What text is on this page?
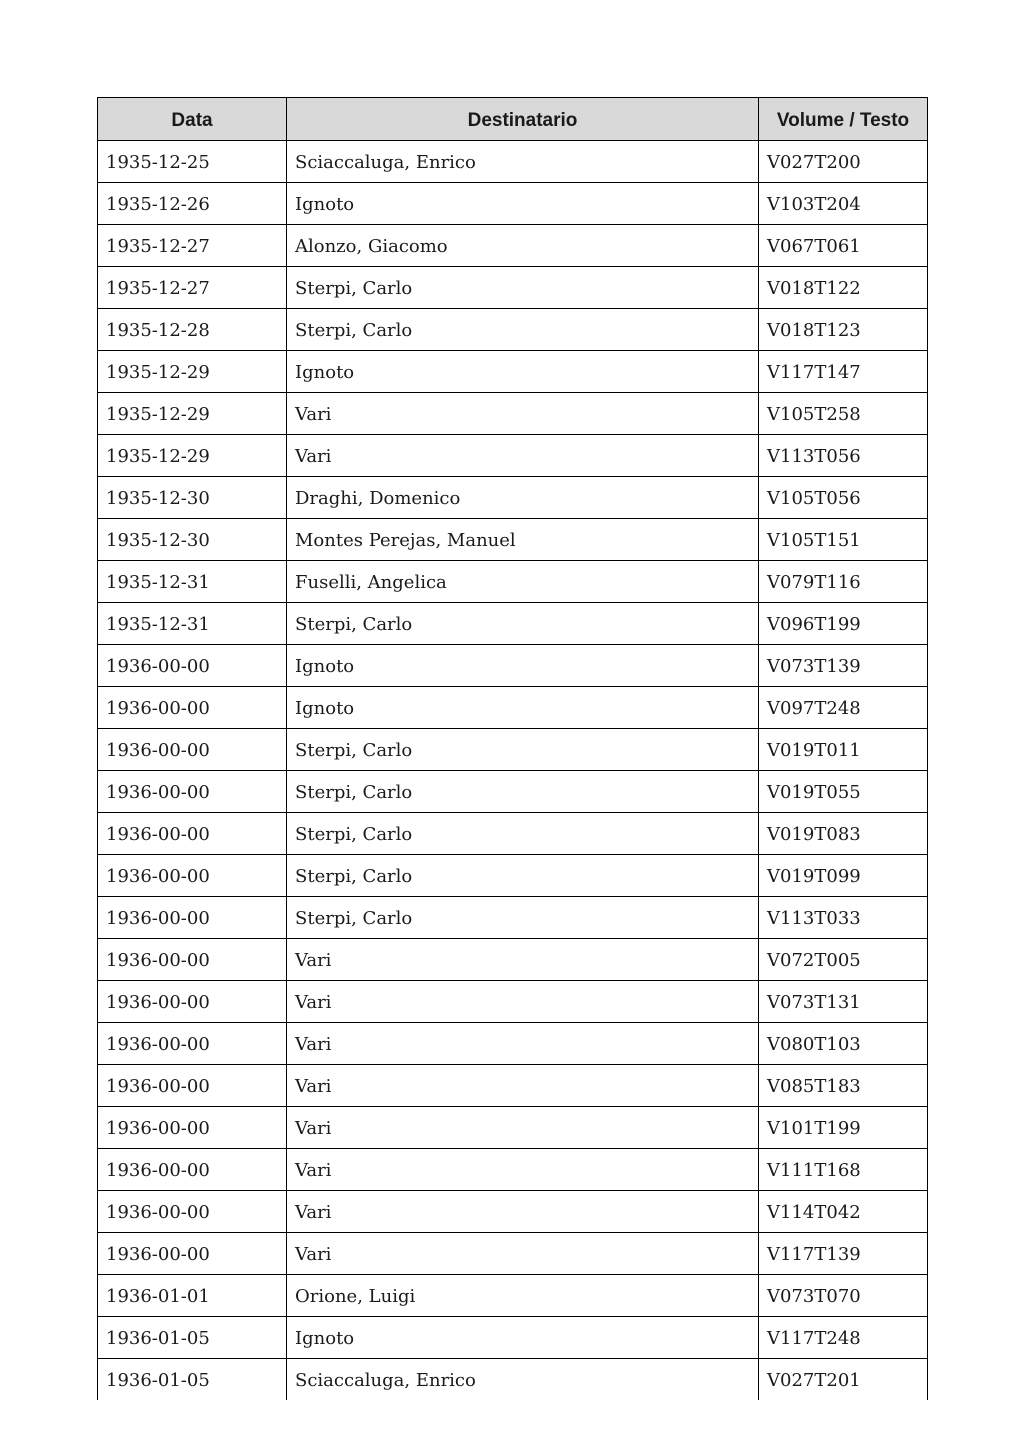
Data	Destinatario	Volume / Testo
1935-12-25	Sciaccaluga, Enrico	V027T200
1935-12-26	Ignoto	V103T204
1935-12-27	Alonzo, Giacomo	V067T061
1935-12-27	Sterpi, Carlo	V018T122
1935-12-28	Sterpi, Carlo	V018T123
1935-12-29	Ignoto	V117T147
1935-12-29	Vari	V105T258
1935-12-29	Vari	V113T056
1935-12-30	Draghi, Domenico	V105T056
1935-12-30	Montes Perejas, Manuel	V105T151
1935-12-31	Fuselli, Angelica	V079T116
1935-12-31	Sterpi, Carlo	V096T199
1936-00-00	Ignoto	V073T139
1936-00-00	Ignoto	V097T248
1936-00-00	Sterpi, Carlo	V019T011
1936-00-00	Sterpi, Carlo	V019T055
1936-00-00	Sterpi, Carlo	V019T083
1936-00-00	Sterpi, Carlo	V019T099
1936-00-00	Sterpi, Carlo	V113T033
1936-00-00	Vari	V072T005
1936-00-00	Vari	V073T131
1936-00-00	Vari	V080T103
1936-00-00	Vari	V085T183
1936-00-00	Vari	V101T199
1936-00-00	Vari	V111T168
1936-00-00	Vari	V114T042
1936-00-00	Vari	V117T139
1936-01-01	Orione, Luigi	V073T070
1936-01-05	Ignoto	V117T248
1936-01-05	Sciaccaluga, Enrico	V027T201
